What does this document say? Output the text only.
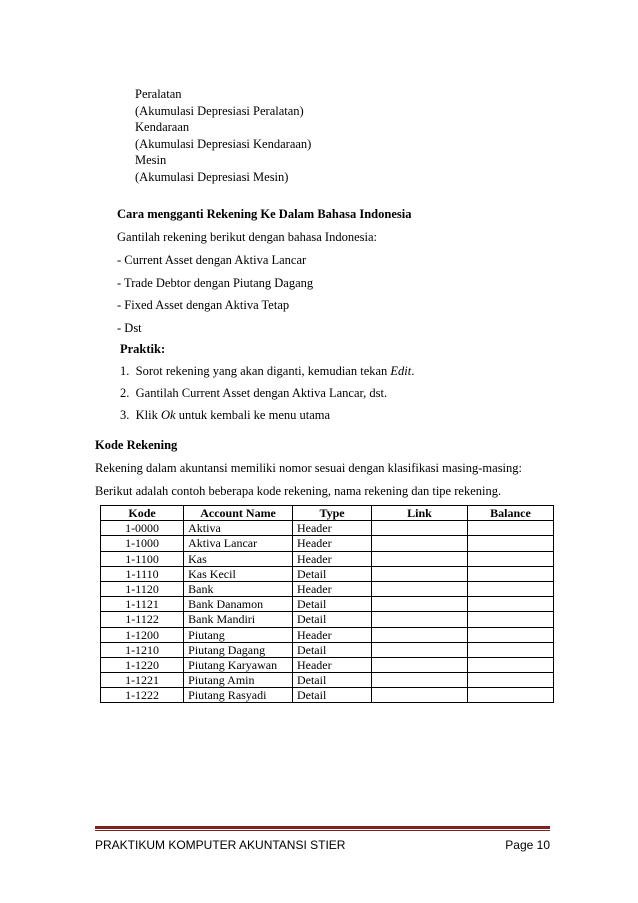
Peralatan
(Akumulasi Depresiasi Peralatan)
Kendaraan
(Akumulasi Depresiasi Kendaraan)
Mesin
(Akumulasi Depresiasi Mesin)
Cara mengganti Rekening Ke Dalam Bahasa Indonesia
Gantilah rekening berikut dengan bahasa Indonesia:
- Current Asset dengan Aktiva Lancar
- Trade Debtor dengan Piutang Dagang
- Fixed Asset dengan Aktiva Tetap
- Dst
Praktik:
1. Sorot rekening yang akan diganti, kemudian tekan Edit.
2. Gantilah Current Asset dengan Aktiva Lancar, dst.
3. Klik Ok untuk kembali ke menu utama
Kode Rekening
Rekening dalam akuntansi memiliki nomor sesuai dengan klasifikasi masing-masing:
Berikut adalah contoh beberapa kode rekening, nama rekening dan tipe rekening.
Kode	Account Name	Type	Link	Balance
1-0000	Aktiva	Header		
1-1000	Aktiva Lancar	Header		
1-1100	Kas	Header		
1-1110	Kas Kecil	Detail		
1-1120	Bank	Header		
1-1121	Bank Danamon	Detail		
1-1122	Bank Mandiri	Detail		
1-1200	Piutang	Header		
1-1210	Piutang Dagang	Detail		
1-1220	Piutang Karyawan	Header		
1-1221	Piutang Amin	Detail		
1-1222	Piutang Rasyadi	Detail		
PRAKTIKUM KOMPUTER AKUNTANSI STIER	Page 10
